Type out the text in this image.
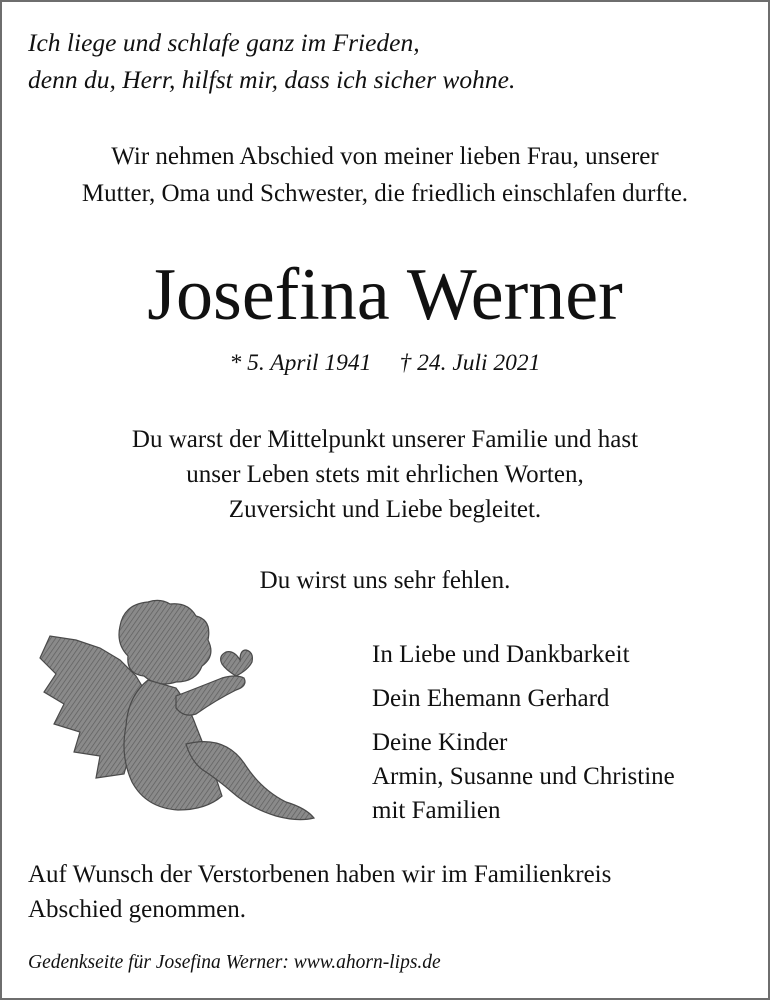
Ich liege und schlafe ganz im Frieden,
denn du, Herr, hilfst mir, dass ich sicher wohne.
Wir nehmen Abschied von meiner lieben Frau, unserer
Mutter, Oma und Schwester, die friedlich einschlafen durfte.
Josefina Werner
* 5. April 1941 † 24. Juli 2021
Du warst der Mittelpunkt unserer Familie und hast
unser Leben stets mit ehrlichen Worten,
Zuversicht und Liebe begleitet.
Du wirst uns sehr fehlen.
In Liebe und Dankbarkeit
Dein Ehemann Gerhard
Deine Kinder
Armin, Susanne und Christine
mit Familien
Auf Wunsch der Verstorbenen haben wir im Familienkreis
Abschied genommen.
Gedenkseite für Josefina Werner: www.ahorn-lips.de
